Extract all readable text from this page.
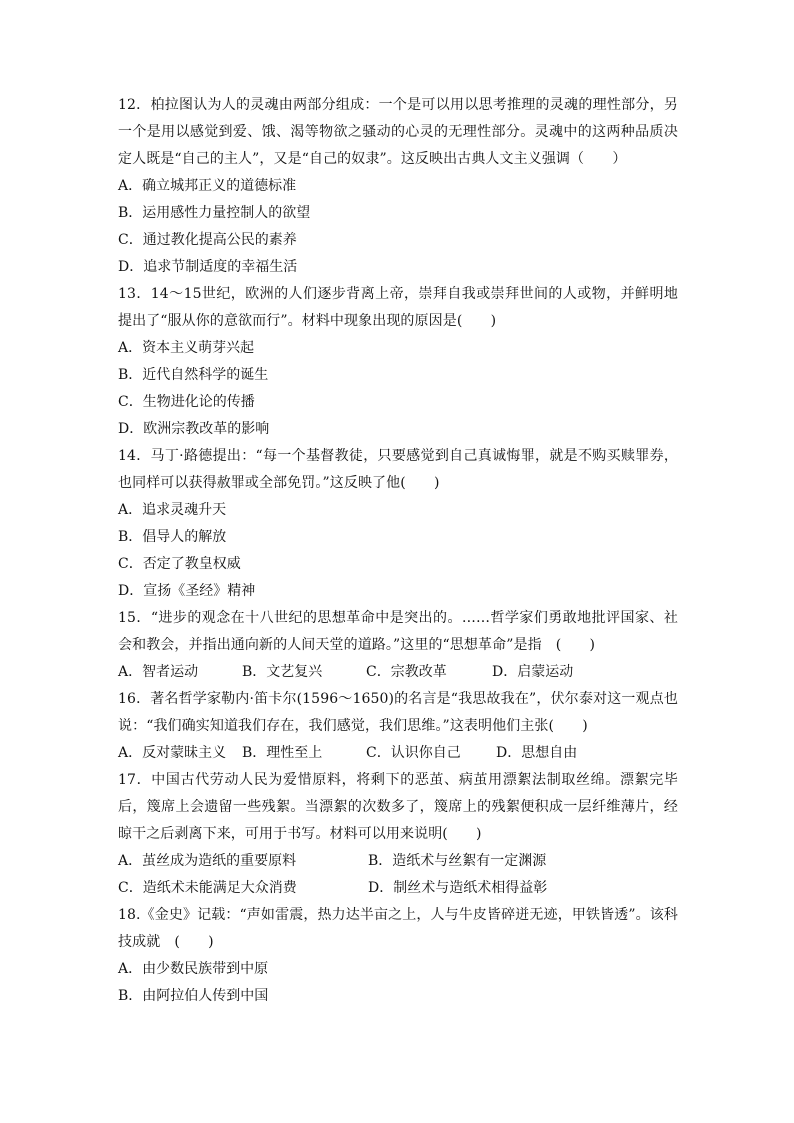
12．柏拉图认为人的灵魂由两部分组成：一个是可以用以思考推理的灵魂的理性部分，另一个是用以感觉到爱、饿、渴等物欲之骚动的心灵的无理性部分。灵魂中的这两种品质决定人既是“自己的主人”，又是“自己的奴隶”。这反映出古典人文主义强调（　　）
A．确立城邦正义的道德标准
B．运用感性力量控制人的欲望
C．通过教化提高公民的素养
D．追求节制适度的幸福生活
13．14～15世纪，欧洲的人们逐步背离上帝，崇拜自我或崇拜世间的人或物，并鲜明地提出了“服从你的意欲而行”。材料中现象出现的原因是(　　)
A．资本主义萌芽兴起
B．近代自然科学的诞生
C．生物进化论的传播
D．欧洲宗教改革的影响
14．马丁·路德提出：“每一个基督教徒，只要感觉到自己真诚悔罪，就是不购买赎罪券，也同样可以获得赦罪或全部免罚。”这反映了他(　　)
A．追求灵魂升天
B．倡导人的解放
C．否定了教皇权威
D．宣扬《圣经》精神
15．“进步的观念在十八世纪的思想革命中是突出的。……哲学家们勇敢地批评国家、社会和教会，并指出通向新的人间天堂的道路。”这里的“思想革命”是指　(　　)
A．智者运动	B．文艺复兴	C．宗教改革	D．启蒙运动
16．著名哲学家勒内·笛卡尔(1596～1650)的名言是“我思故我在”，伏尔泰对这一观点也说：“我们确实知道我们存在，我们感觉，我们思维。”这表明他们主张(　　)
A．反对蒙昧主义	B．理性至上	C．认识你自己	D．思想自由
17．中国古代劳动人民为爱惜原料，将剩下的恶茧、病茧用漂絮法制取丝绵。漂絮完毕后，篾席上会遗留一些残絮。当漂絮的次数多了，篾席上的残絮便积成一层纤维薄片，经晾干之后剥离下来，可用于书写。材料可以用来说明(　　)
A．茧丝成为造纸的重要原料	B．造纸术与丝絮有一定渊源
C．造纸术未能满足大众消费	D．制丝术与造纸术相得益彰
18.《金史》记载：“声如雷震，热力达半亩之上，人与牛皮皆碎迸无迹，甲铁皆透”。该科技成就　(　　)
A．由少数民族带到中原
B．由阿拉伯人传到中国
